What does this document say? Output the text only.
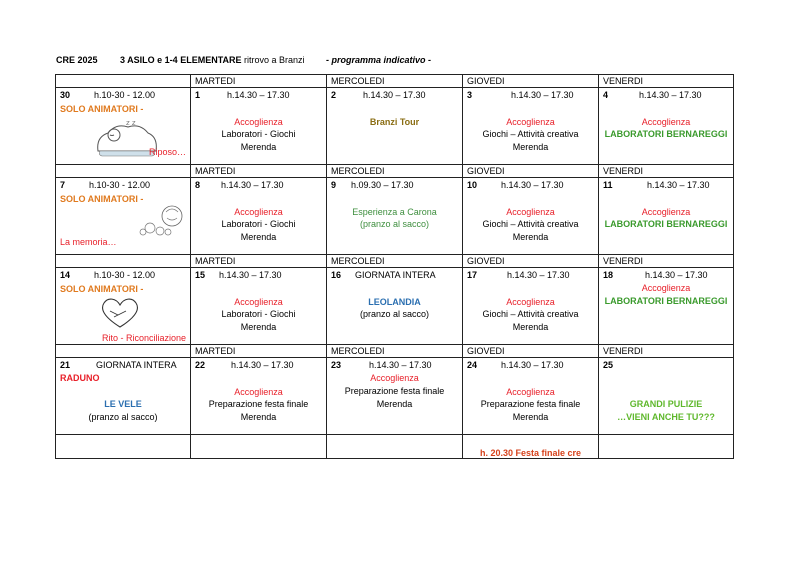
CRE 2025 3 ASILO e 1-4 ELEMENTARE ritrovo a Branzi - programma indicativo -
	MARTEDI	MERCOLEDI	GIOVEDI	VENERDI

30 h.10-30 - 12.00
SOLO ANIMATORI -
z z
Riposo…	1 h.14.30 – 17.30
Accoglienza
Laboratori - Giochi
Merenda	2 h.14.30 – 17.30
Branzi Tour	3 h.14.30 – 17.30
Accoglienza
Giochi – Attività creativa
Merenda	4 h.14.30 – 17.30
Accoglienza
LABORATORI BERNAREGGI

	MARTEDI	MERCOLEDI	GIOVEDI	VENERDI

7 h.10-30 - 12.00
SOLO ANIMATORI -
La memoria…	8 h.14.30 – 17.30
Accoglienza
Laboratori - Giochi
Merenda	9 h.09.30 – 17.30
Esperienza a Carona
(pranzo al sacco)	10 h.14.30 – 17.30
Accoglienza
Giochi – Attività creativa
Merenda	11 h.14.30 – 17.30
Accoglienza
LABORATORI BERNAREGGI

	MARTEDI	MERCOLEDI	GIOVEDI	VENERDI

14 h.10-30 - 12.00
SOLO ANIMATORI -
Rito - Riconciliazione	15 h.14.30 – 17.30
Accoglienza
Laboratori - Giochi
Merenda	16 GIORNATA INTERA
LEOLANDIA
(pranzo al sacco)	17 h.14.30 – 17.30
Accoglienza
Giochi – Attività creativa
Merenda	18 h.14.30 – 17.30
Accoglienza
LABORATORI BERNAREGGI

	MARTEDI	MERCOLEDI	GIOVEDI	VENERDI

21 GIORNATA INTERA
RADUNO
LE VELE
(pranzo al sacco)	22 h.14.30 – 17.30
Accoglienza
Preparazione festa finale
Merenda	23 h.14.30 – 17.30
Accoglienza
Preparazione festa finale
Merenda	24 h.14.30 – 17.30
Accoglienza
Preparazione festa finale
Merenda	25
GRANDI PULIZIE
…VIENI ANCHE TU???

			h. 20.30 Festa finale cre	
